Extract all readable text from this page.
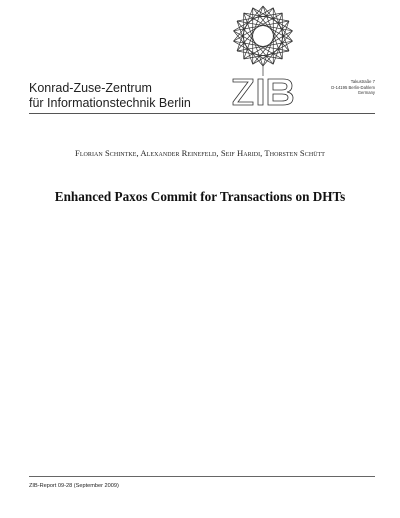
Konrad-Zuse-Zentrum
für Informationstechnik Berlin
Takustraße 7
D-14195 Berlin-Dahlem
Germany
Florian Schintke, Alexander Reinefeld, Seif Haridi, Thorsten Schütt
Enhanced Paxos Commit for Transactions on DHTs
ZIB-Report 09-28 (September 2009)
